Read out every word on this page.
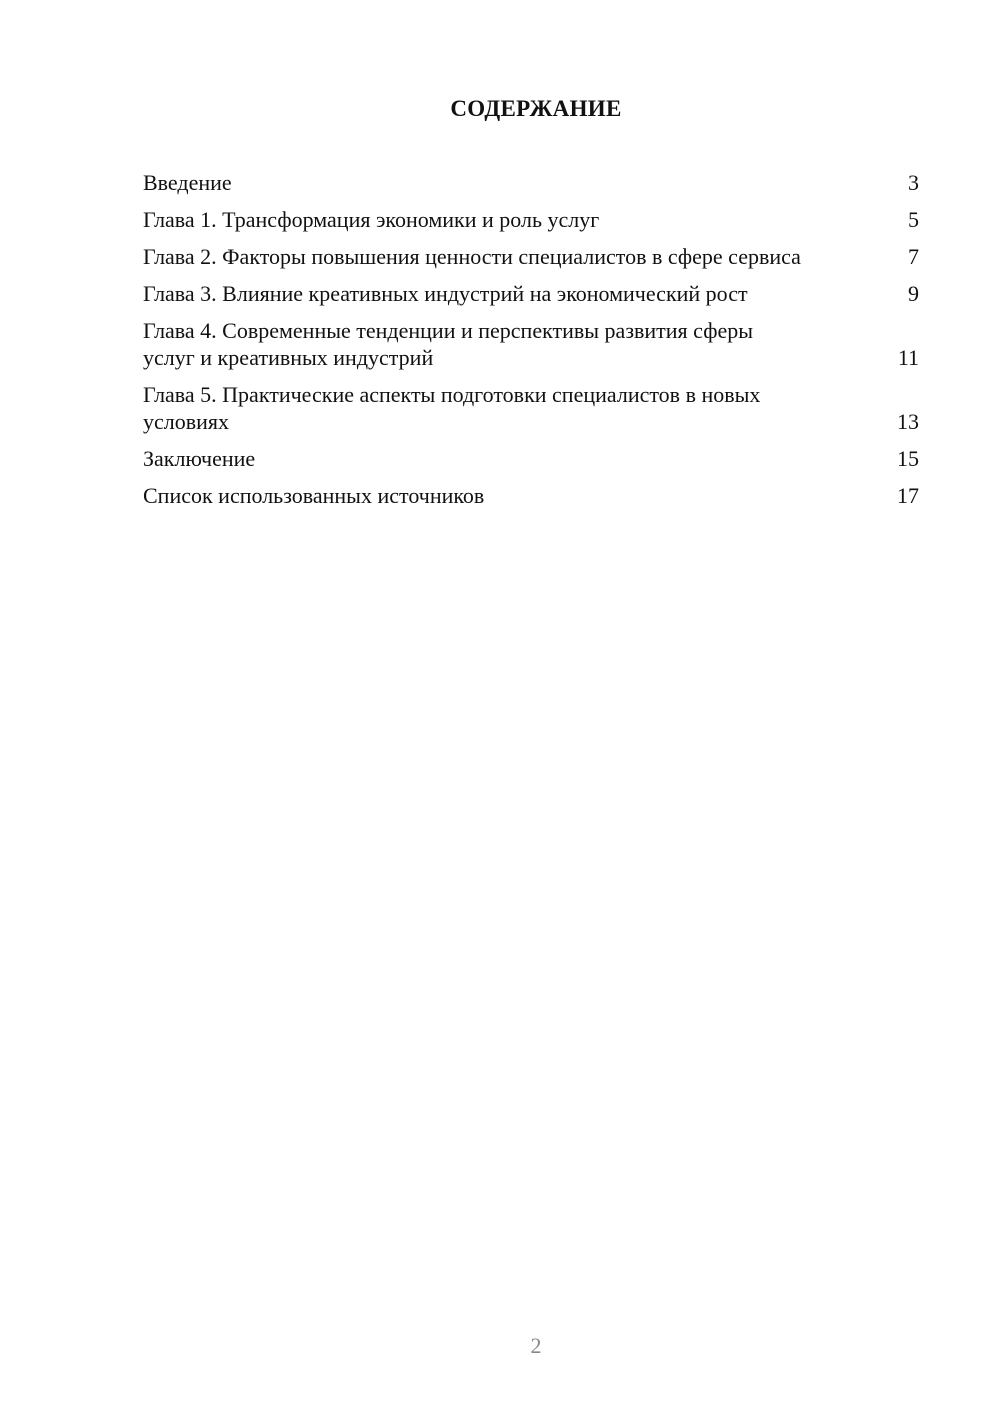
СОДЕРЖАНИЕ
Введение	3
Глава 1. Трансформация экономики и роль услуг	5
Глава 2. Факторы повышения ценности специалистов в сфере сервиса	7
Глава 3. Влияние креативных индустрий на экономический рост	9
Глава 4. Современные тенденции и перспективы развития сферы услуг и креативных индустрий	11
Глава 5. Практические аспекты подготовки специалистов в новых условиях	13
Заключение	15
Список использованных источников	17
2
